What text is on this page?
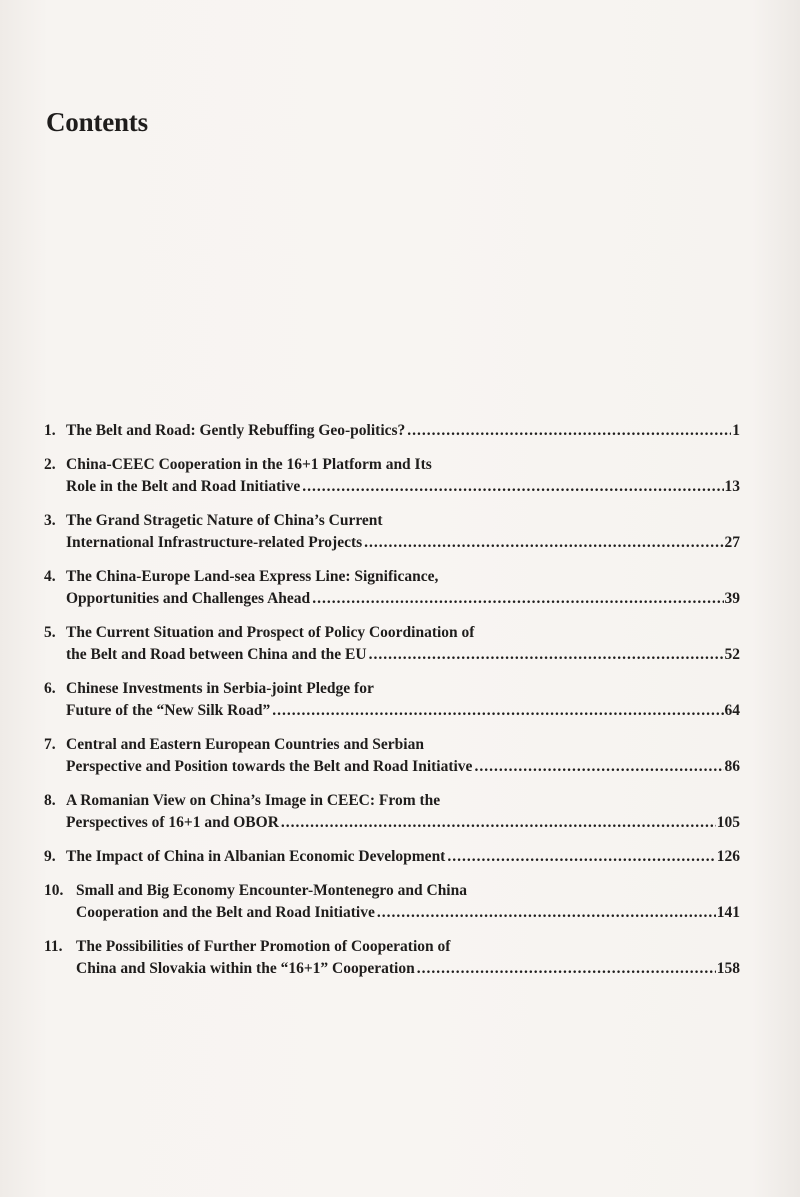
Contents
1. The Belt and Road: Gently Rebuffing Geo-politics? .....	1
2. China-CEEC Cooperation in the 16+1 Platform and Its
Role in the Belt and Road Initiative .....	13
3. The Grand Stragetic Nature of China’s Current
International Infrastructure-related Projects .....	27
4. The China-Europe Land-sea Express Line: Significance,
Opportunities and Challenges Ahead .....	39
5. The Current Situation and Prospect of Policy Coordination of
the Belt and Road between China and the EU .....	52
6. Chinese Investments in Serbia-joint Pledge for
Future of the “New Silk Road” .....	64
7. Central and Eastern European Countries and Serbian
Perspective and Position towards the Belt and Road Initiative .....	86
8. A Romanian View on China’s Image in CEEC: From the
Perspectives of 16+1 and OBOR .....	105
9. The Impact of China in Albanian Economic Development .....	126
10. Small and Big Economy Encounter-Montenegro and China
Cooperation and the Belt and Road Initiative .....	141
11. The Possibilities of Further Promotion of Cooperation of
China and Slovakia within the “16+1” Cooperation .....	158
